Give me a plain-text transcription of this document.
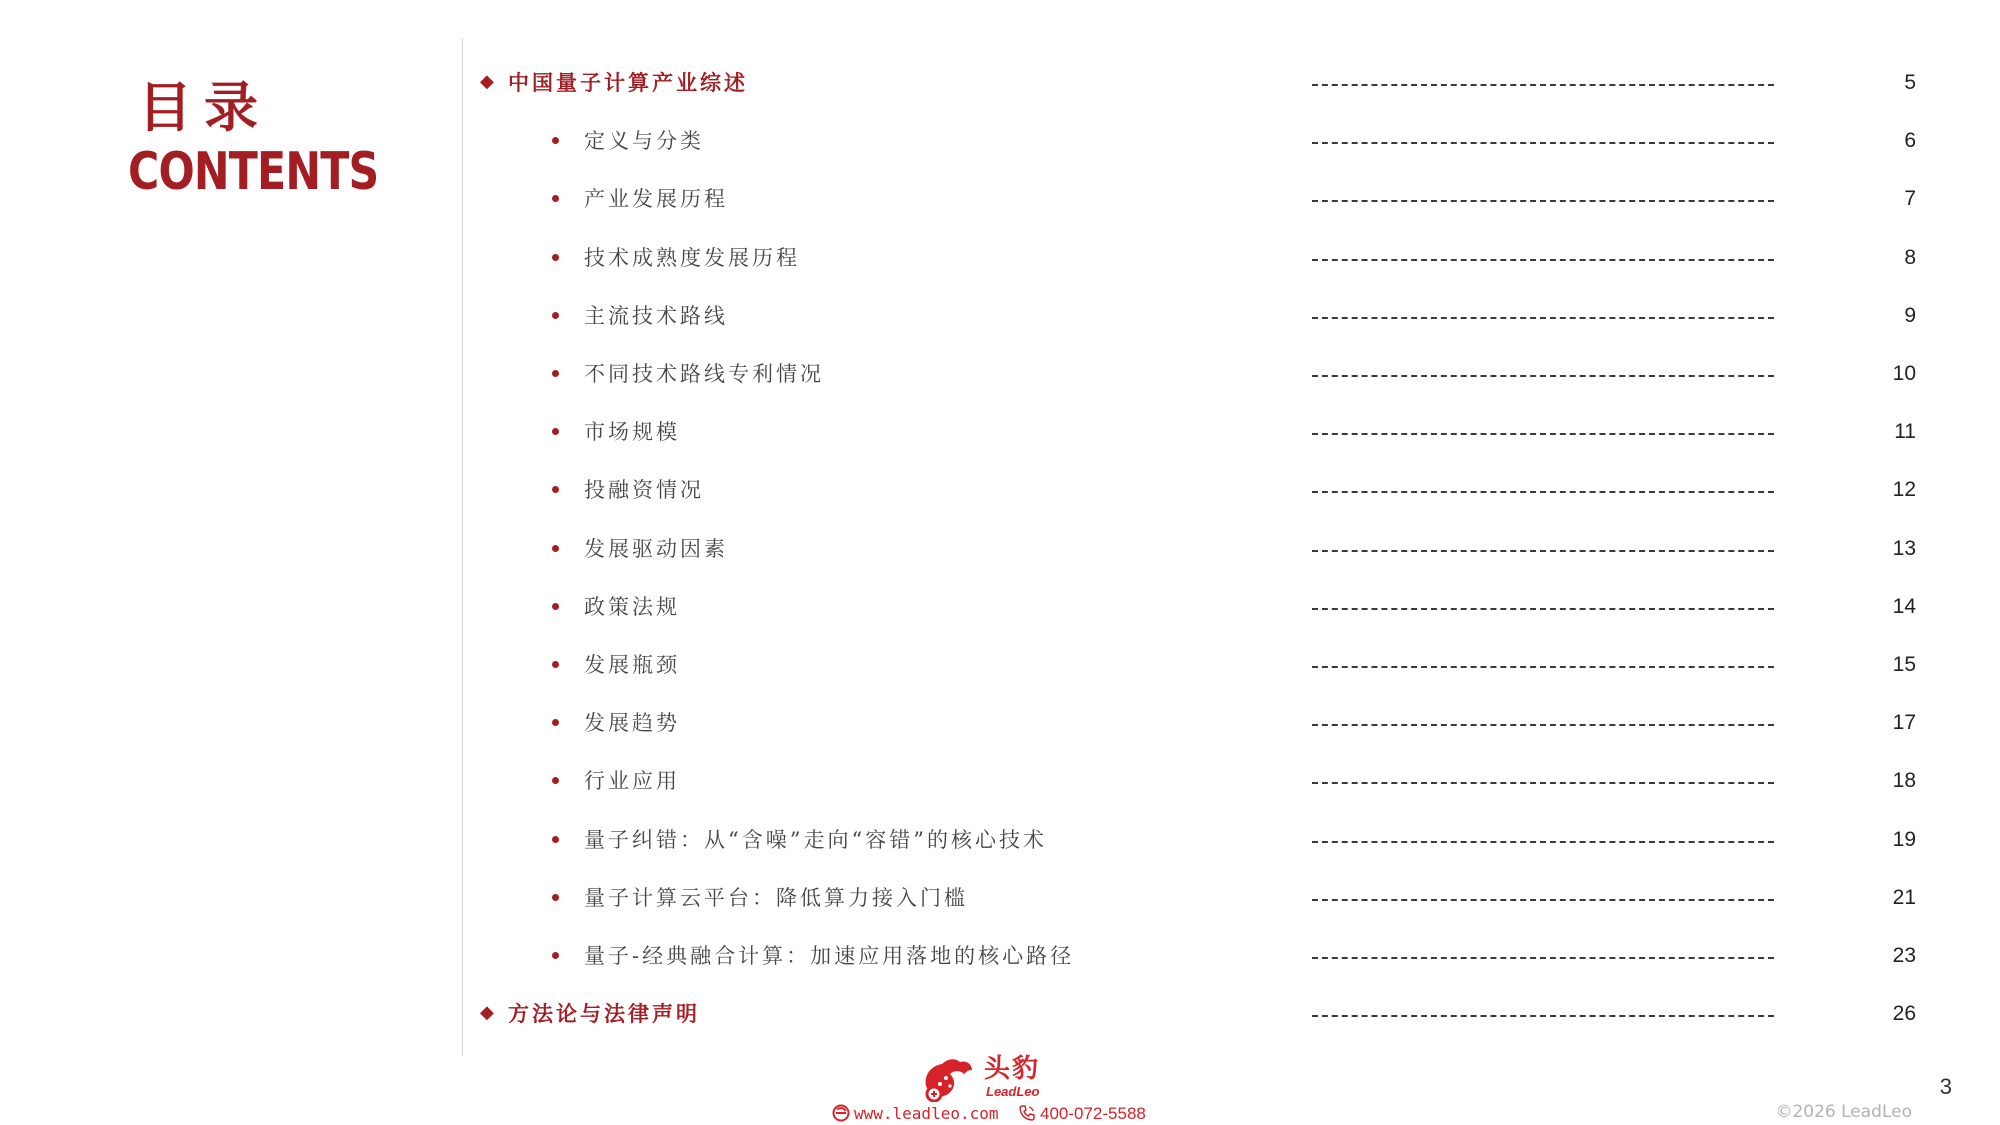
目录
CONTENTS
◆ 中国量子计算产业综述	5
定义与分类	6
产业发展历程	7
技术成熟度发展历程	8
主流技术路线	9
不同技术路线专利情况	10
市场规模	11
投融资情况	12
发展驱动因素	13
政策法规	14
发展瓶颈	15
发展趋势	17
行业应用	18
量子纠错：从“含噪”走向“容错”的核心技术	19
量子计算云平台：降低算力接入门槛	21
量子-经典融合计算：加速应用落地的核心路径	23
◆ 方法论与法律声明	26
头豹
LeadLeo
www.leadleo.com	400-072-5588	©2026 LeadLeo
3
